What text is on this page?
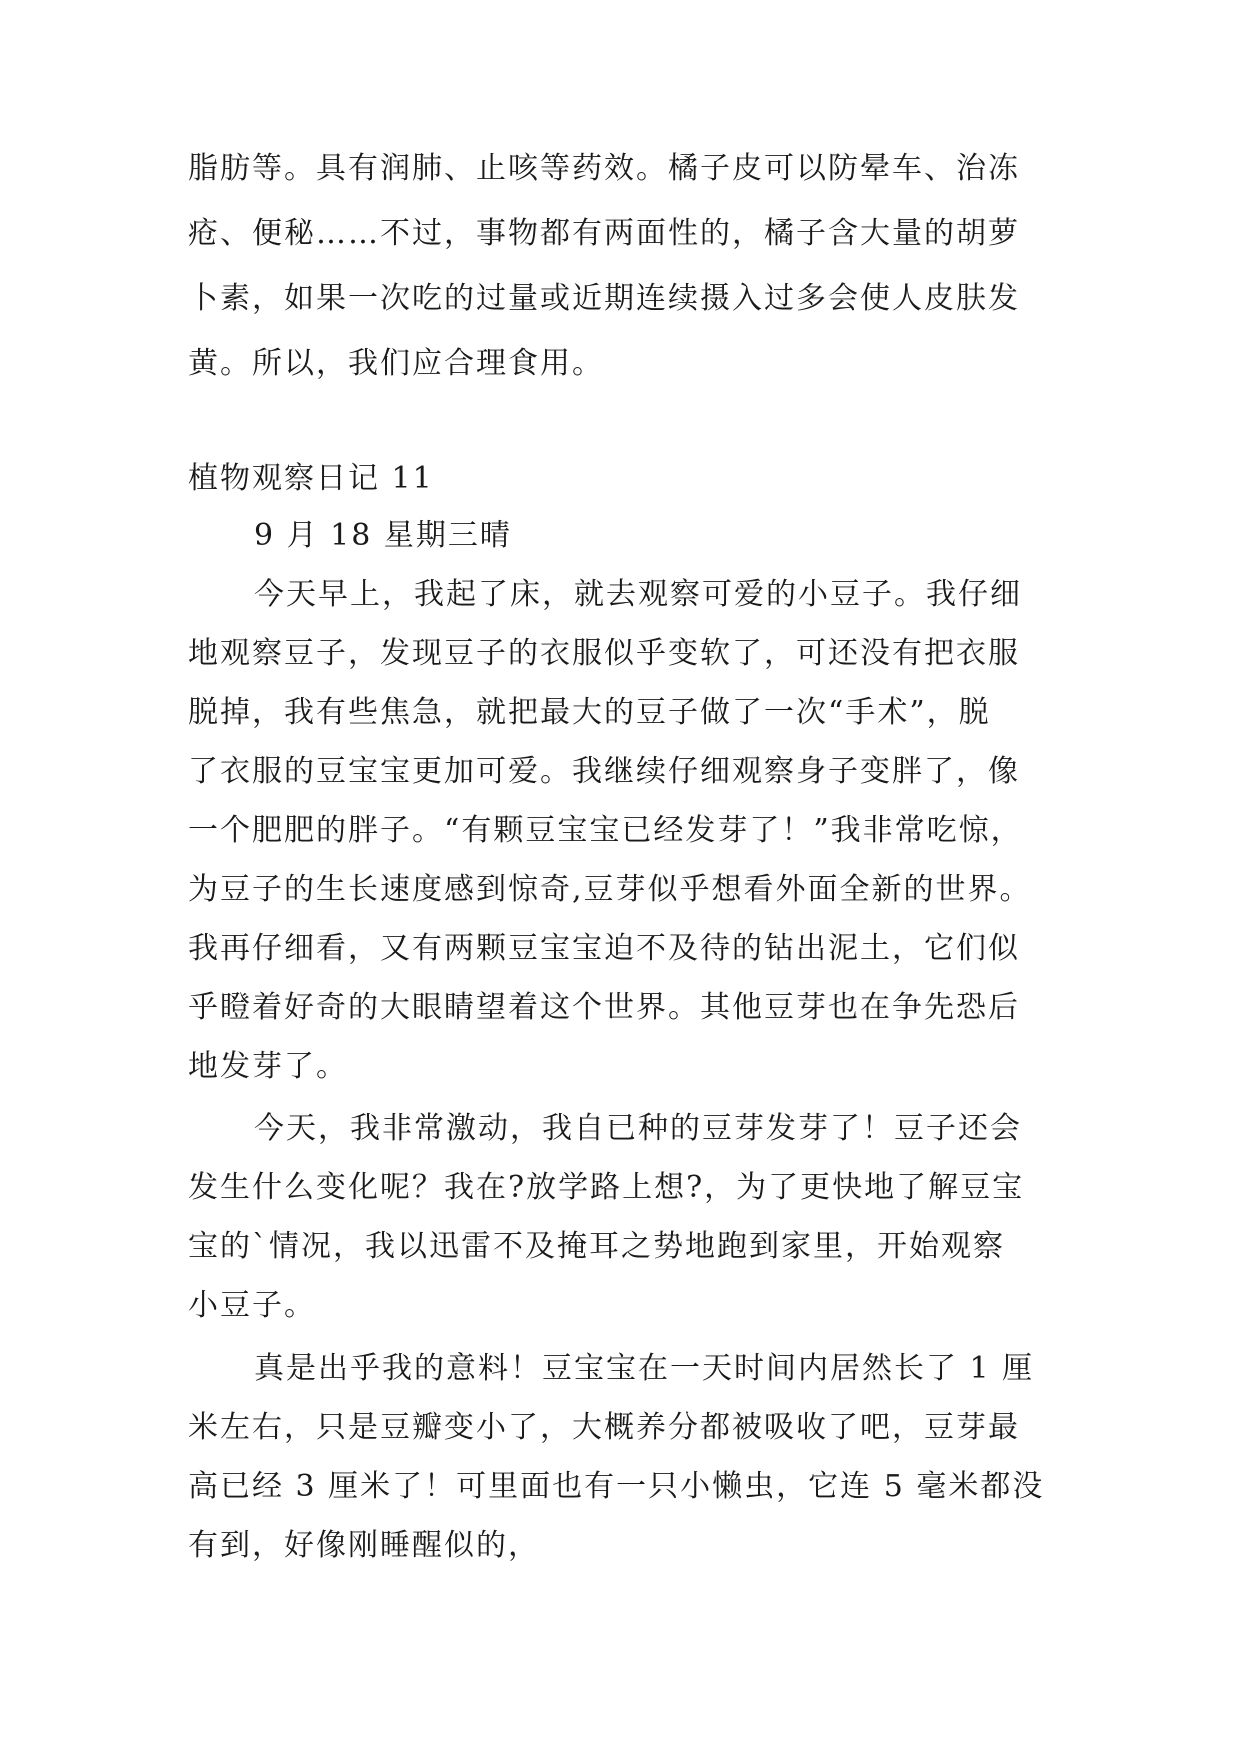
脂肪等。具有润肺、止咳等药效。橘子皮可以防晕车、治冻
疮、便秘……不过，事物都有两面性的，橘子含大量的胡萝
卜素，如果一次吃的过量或近期连续摄入过多会使人皮肤发
黄。所以，我们应合理食用。
植物观察日记 11
9 月 18 星期三晴
今天早上，我起了床，就去观察可爱的小豆子。我仔细
地观察豆子，发现豆子的衣服似乎变软了，可还没有把衣服
脱掉，我有些焦急，就把最大的豆子做了一次“手术”，脱
了衣服的豆宝宝更加可爱。我继续仔细观察身子变胖了，像
一个肥肥的胖子。“有颗豆宝宝已经发芽了！”我非常吃惊，
为豆子的生长速度感到惊奇,豆芽似乎想看外面全新的世界。
我再仔细看，又有两颗豆宝宝迫不及待的钻出泥土，它们似
乎瞪着好奇的大眼睛望着这个世界。其他豆芽也在争先恐后
地发芽了。
今天，我非常激动，我自已种的豆芽发芽了！豆子还会
发生什么变化呢？我在?放学路上想?，为了更快地了解豆宝
宝的`情况，我以迅雷不及掩耳之势地跑到家里，开始观察
小豆子。
真是出乎我的意料！豆宝宝在一天时间内居然长了 1 厘
米左右，只是豆瓣变小了，大概养分都被吸收了吧，豆芽最
高已经 3 厘米了！可里面也有一只小懒虫，它连 5 毫米都没
有到，好像刚睡醒似的，
